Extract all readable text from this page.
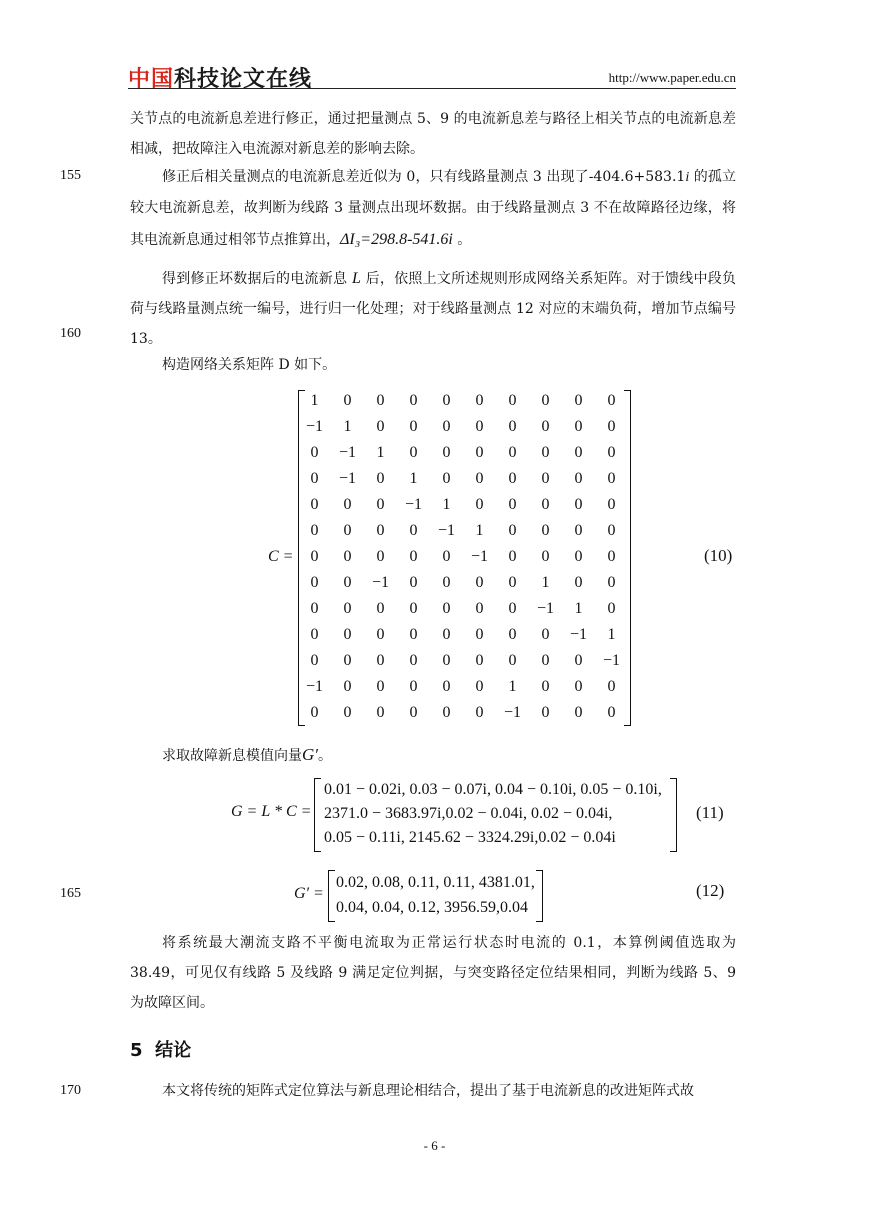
中国科技论文在线	http://www.paper.edu.cn
155
160
165
170
关节点的电流新息差进行修正，通过把量测点 5、9 的电流新息差与路径上相关节点的电流新息差相减，把故障注入电流源对新息差的影响去除。
修正后相关量测点的电流新息差近似为 0，只有线路量测点 3 出现了-404.6+583.1i 的孤立较大电流新息差，故判断为线路 3 量测点出现坏数据。由于线路量测点 3 不在故障路径边缘，将其电流新息通过相邻节点推算出，ΔI₃=298.8-541.6i 。
得到修正坏数据后的电流新息 L 后，依照上文所述规则形成网络关系矩阵。对于馈线中段负荷与线路量测点统一编号，进行归一化处理；对于线路量测点 12 对应的末端负荷，增加节点编号 13。
构造网络关系矩阵 D 如下。
C =
1	0	0	0	0	0	0	0	0	0
−1	1	0	0	0	0	0	0	0	0
0	−1	1	0	0	0	0	0	0	0
0	−1	0	1	0	0	0	0	0	0
0	0	0	−1	1	0	0	0	0	0
0	0	0	0	−1	1	0	0	0	0
0	0	0	0	0	−1	0	0	0	0
0	0	−1	0	0	0	0	1	0	0
0	0	0	0	0	0	0	−1	1	0
0	0	0	0	0	0	0	0	−1	1
0	0	0	0	0	0	0	0	0	−1
−1	0	0	0	0	0	1	0	0	0
0	0	0	0	0	0	−1	0	0	0
(10)
求取故障新息模值向量G′。
G = L * C =
0.01 − 0.02i, 0.03 − 0.07i, 0.04 − 0.10i, 0.05 − 0.10i,
2371.0 − 3683.97i,0.02 − 0.04i, 0.02 − 0.04i,
0.05 − 0.11i, 2145.62 − 3324.29i,0.02 − 0.04i
(11)
G′ =
0.02, 0.08, 0.11, 0.11, 4381.01,
0.04, 0.04, 0.12, 3956.59,0.04
(12)
将系统最大潮流支路不平衡电流取为正常运行状态时电流的 0.1，本算例阈值选取为 38.49，可见仅有线路 5 及线路 9 满足定位判据，与突变路径定位结果相同，判断为线路 5、9 为故障区间。
5 结论
本文将传统的矩阵式定位算法与新息理论相结合，提出了基于电流新息的改进矩阵式故
- 6 -
